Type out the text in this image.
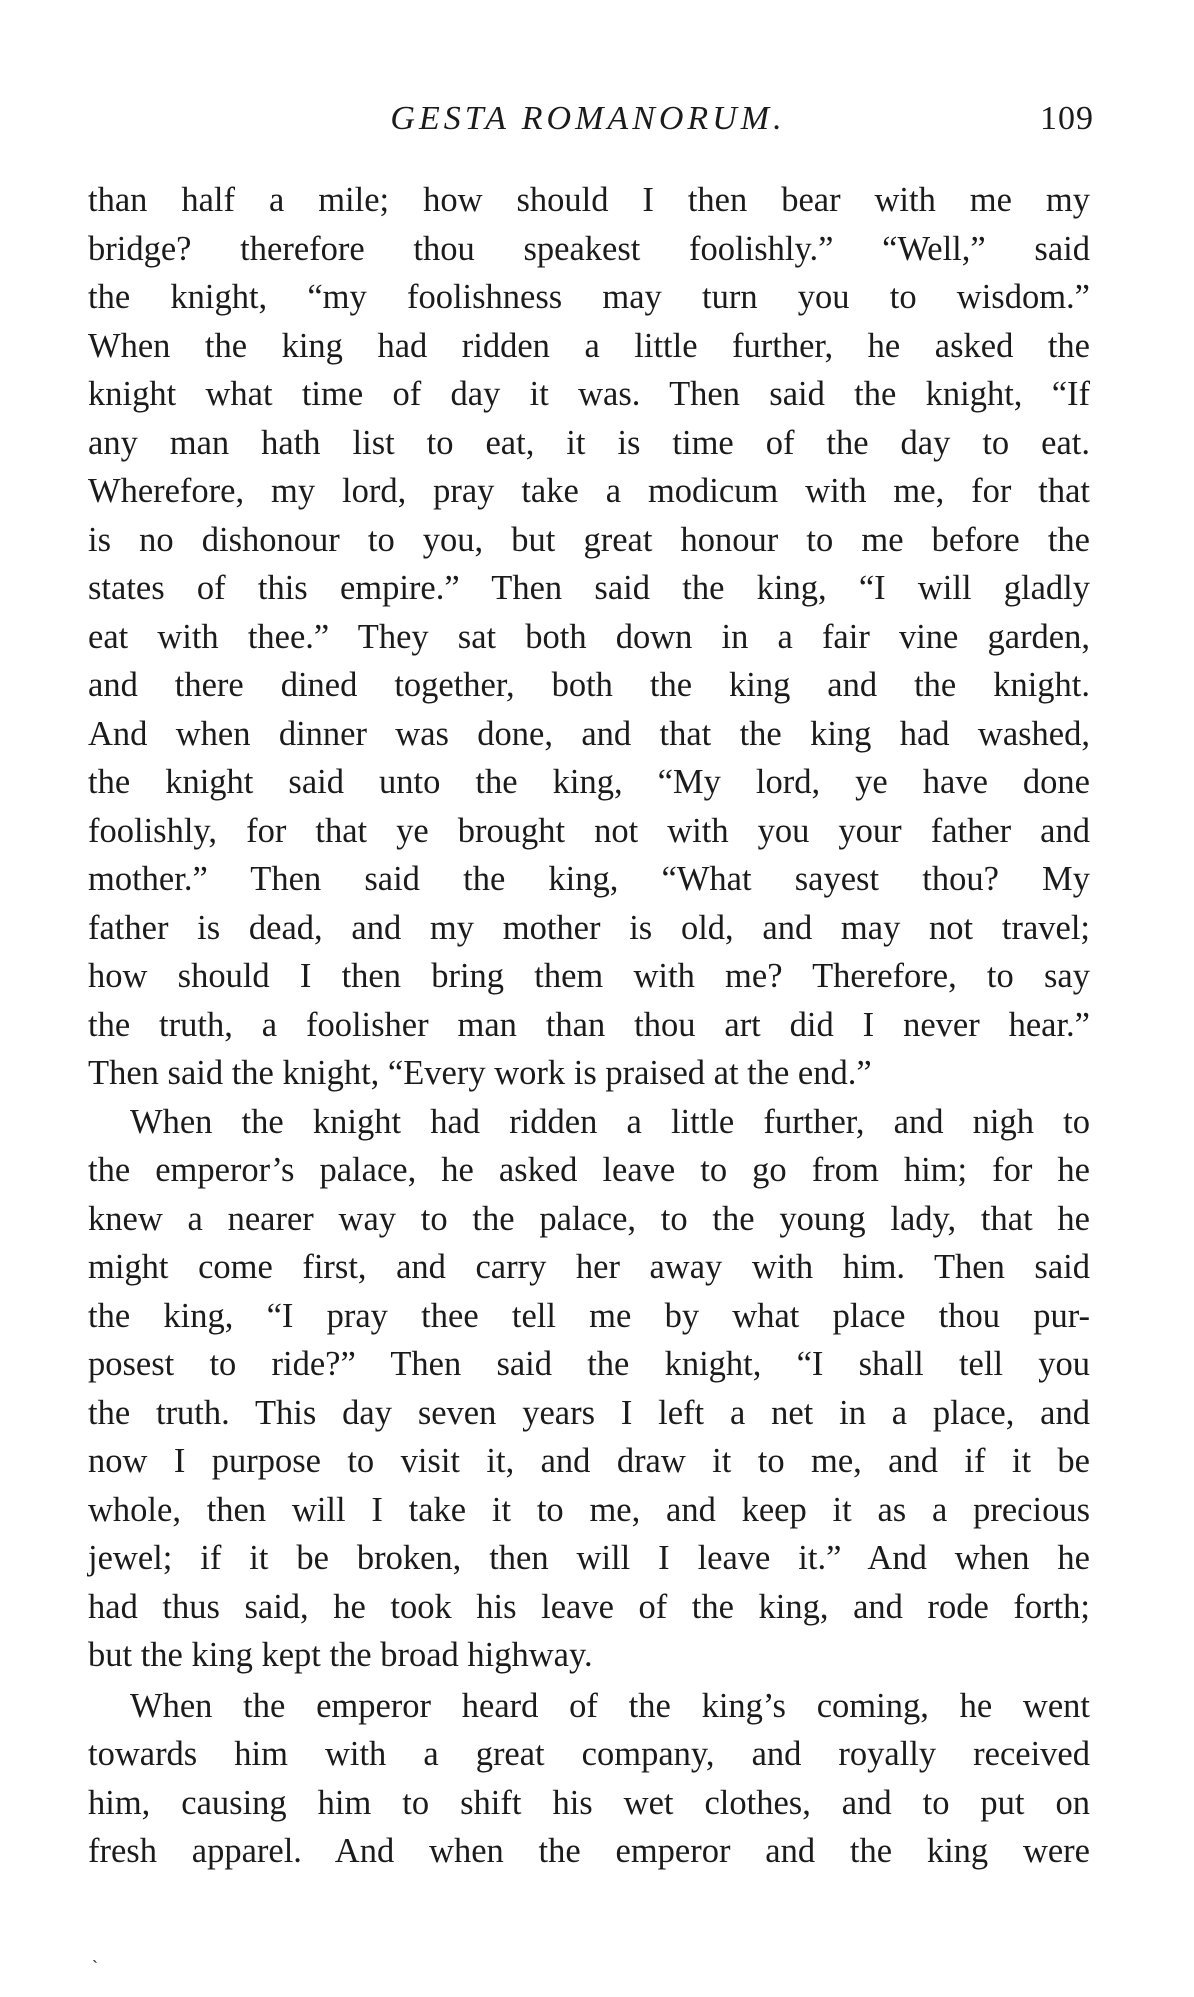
GESTA ROMANORUM.	109
than half a mile; how should I then bear with me my
bridge? therefore thou speakest foolishly.” “Well,” said
the knight, “my foolishness may turn you to wisdom.”
When the king had ridden a little further, he asked the
knight what time of day it was. Then said the knight, “If
any man hath list to eat, it is time of the day to eat.
Wherefore, my lord, pray take a modicum with me, for that
is no dishonour to you, but great honour to me before the
states of this empire.” Then said the king, “I will gladly
eat with thee.” They sat both down in a fair vine garden,
and there dined together, both the king and the knight.
And when dinner was done, and that the king had washed,
the knight said unto the king, “My lord, ye have done
foolishly, for that ye brought not with you your father and
mother.” Then said the king, “What sayest thou? My
father is dead, and my mother is old, and may not travel;
how should I then bring them with me? Therefore, to say
the truth, a foolisher man than thou art did I never hear.”
Then said the knight, “Every work is praised at the end.”
When the knight had ridden a little further, and nigh to
the emperor’s palace, he asked leave to go from him; for he
knew a nearer way to the palace, to the young lady, that he
might come first, and carry her away with him. Then said
the king, “I pray thee tell me by what place thou pur-
posest to ride?” Then said the knight, “I shall tell you
the truth. This day seven years I left a net in a place, and
now I purpose to visit it, and draw it to me, and if it be
whole, then will I take it to me, and keep it as a precious
jewel; if it be broken, then will I leave it.” And when he
had thus said, he took his leave of the king, and rode forth;
but the king kept the broad highway.
When the emperor heard of the king’s coming, he went
towards him with a great company, and royally received
him, causing him to shift his wet clothes, and to put on
fresh apparel. And when the emperor and the king were
ˋ
